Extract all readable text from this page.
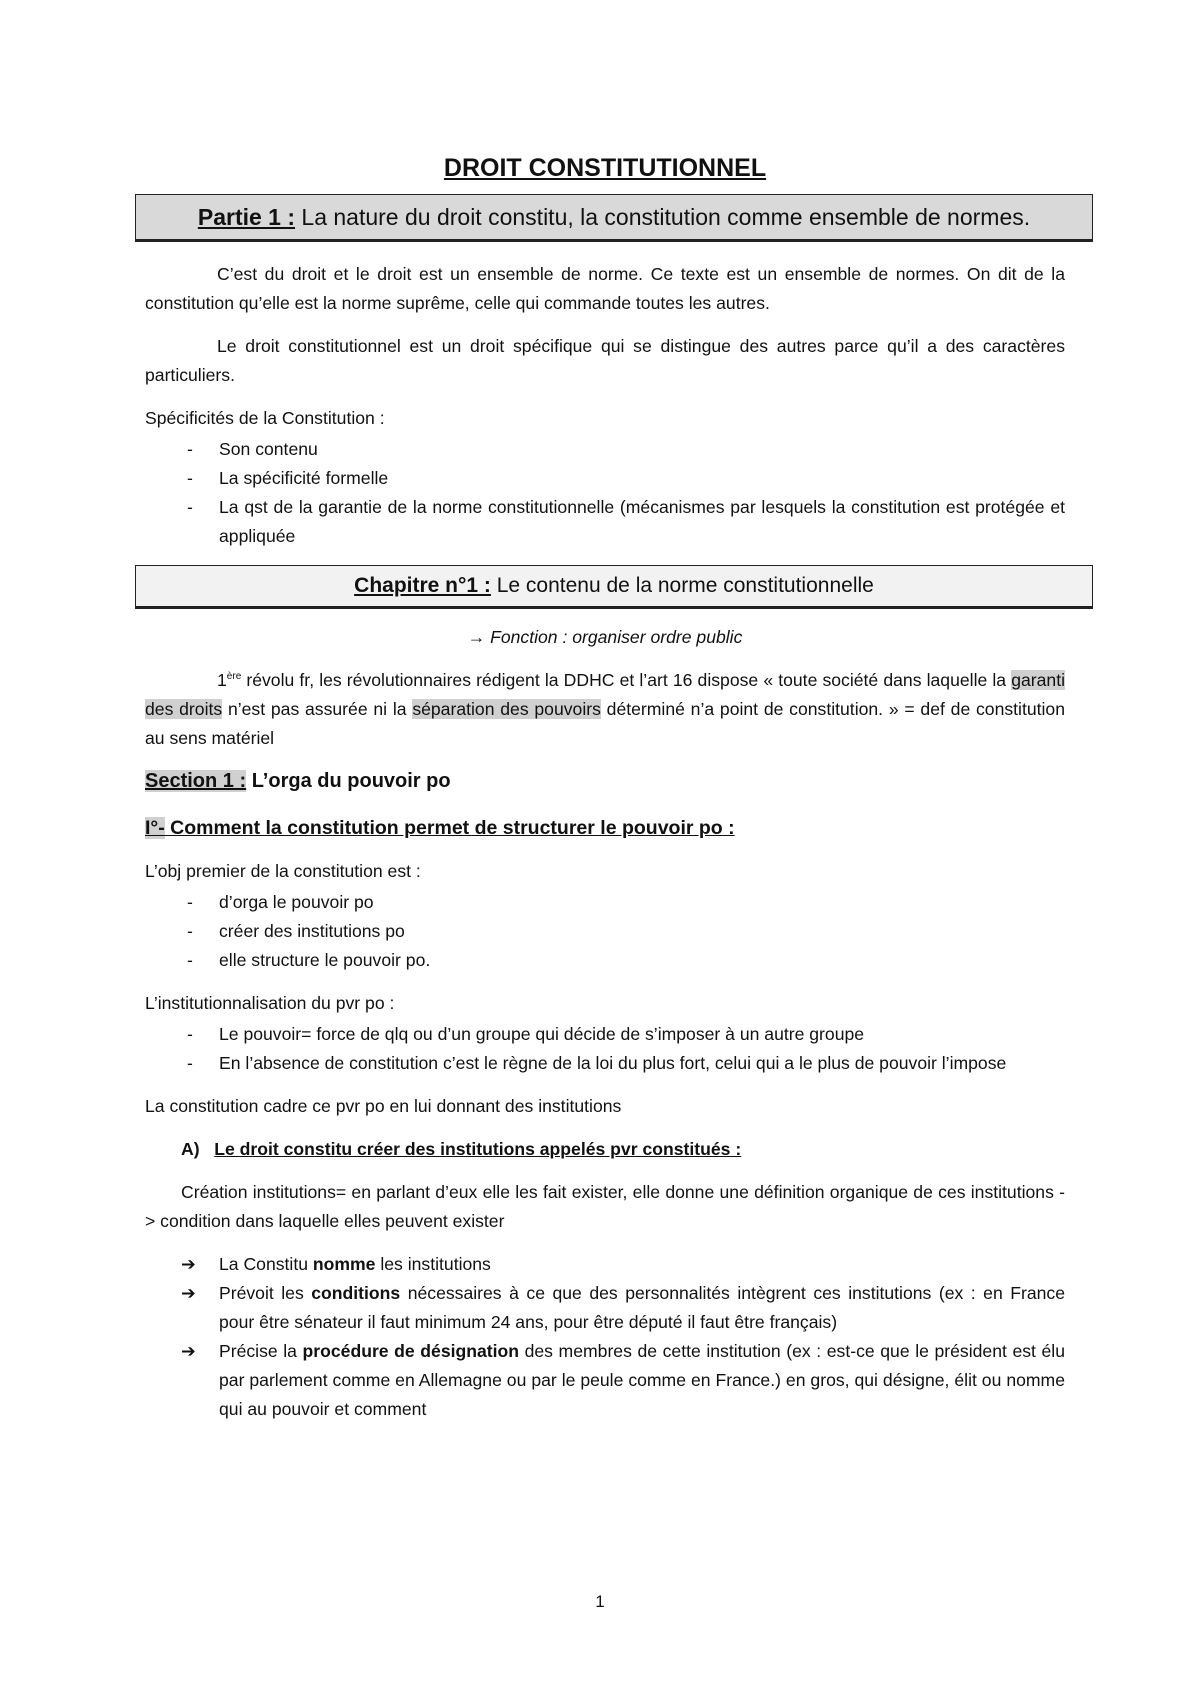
DROIT CONSTITUTIONNEL
Partie 1 : La nature du droit constitu, la constitution comme ensemble de normes.

C’est du droit et le droit est un ensemble de norme. Ce texte est un ensemble de normes. On dit de la constitution qu’elle est la norme suprême, celle qui commande toutes les autres.

Le droit constitutionnel est un droit spécifique qui se distingue des autres parce qu’il a des caractères particuliers.

Spécificités de la Constitution :

- Son contenu
- La spécificité formelle
- La qst de la garantie de la norme constitutionnelle (mécanismes par lesquels la constitution est protégée et appliquée
Chapitre n°1 : Le contenu de la norme constitutionnelle
→ Fonction : organiser ordre public

1ère révolu fr, les révolutionnaires rédigent la DDHC et l’art 16 dispose « toute société dans laquelle la garanti des droits n’est pas assurée ni la séparation des pouvoirs déterminé n’a point de constitution. » = def de constitution au sens matériel

Section 1 : L’orga du pouvoir po
I°- Comment la constitution permet de structurer le pouvoir po :

L’obj premier de la constitution est :

- d’orga le pouvoir po
- créer des institutions po
- elle structure le pouvoir po.

L’institutionnalisation du pvr po :

- Le pouvoir= force de qlq ou d’un groupe qui décide de s’imposer à un autre groupe
- En l’absence de constitution c’est le règne de la loi du plus fort, celui qui a le plus de pouvoir l’impose

La constitution cadre ce pvr po en lui donnant des institutions

A) Le droit constitu créer des institutions appelés pvr constitués :

Création institutions= en parlant d’eux elle les fait exister, elle donne une définition organique de ces institutions -> condition dans laquelle elles peuvent exister

➔ La Constitu nomme les institutions
➔ Prévoit les conditions nécessaires à ce que des personnalités intègrent ces institutions (ex : en France pour être sénateur il faut minimum 24 ans, pour être député il faut être français)
➔ Précise la procédure de désignation des membres de cette institution (ex : est-ce que le président est élu par parlement comme en Allemagne ou par le peule comme en France.) en gros, qui désigne, élit ou nomme qui au pouvoir et comment
1
